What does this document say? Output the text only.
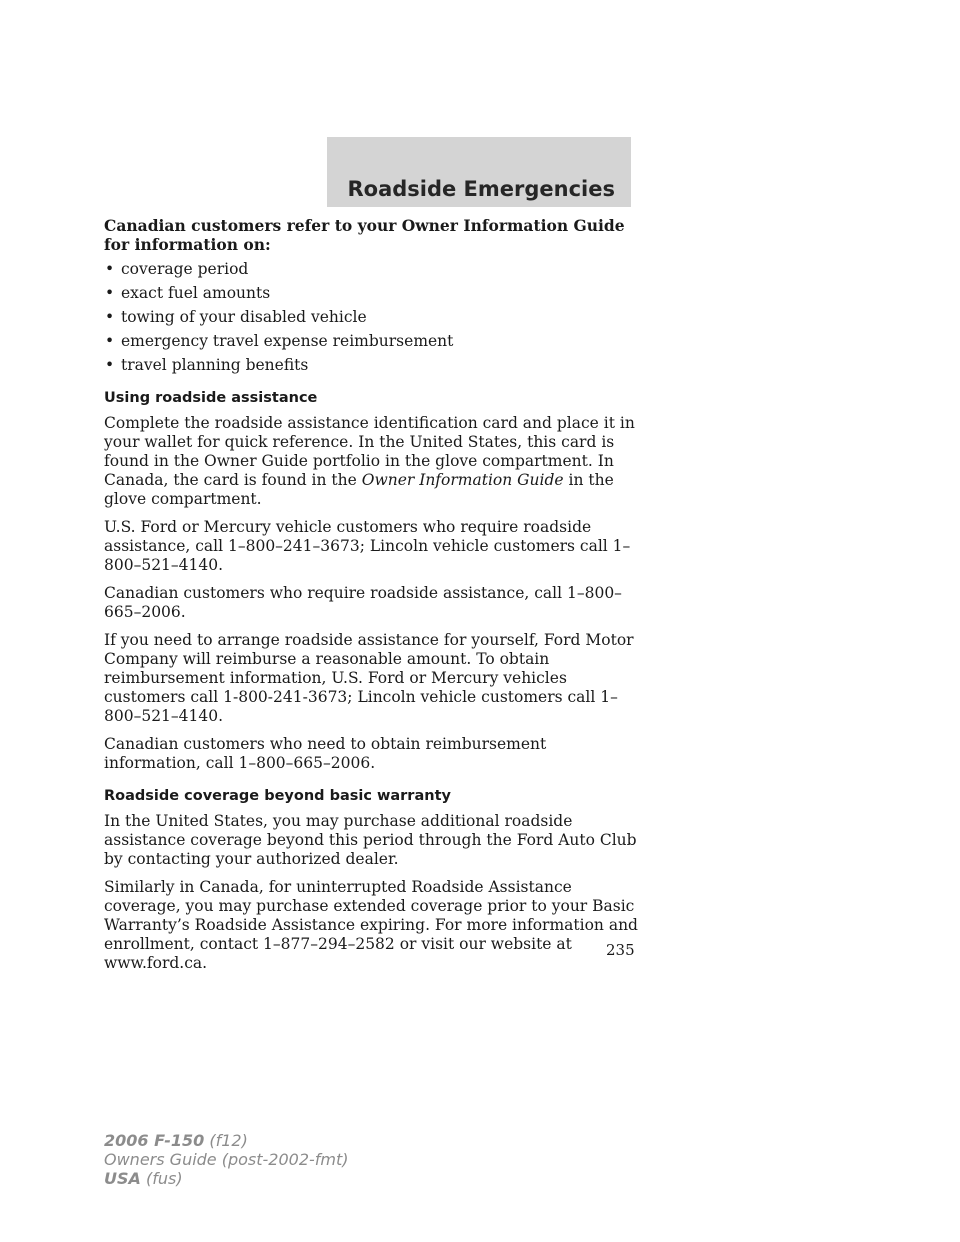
Roadside Emergencies

Canadian customers refer to your Owner Information Guide for information on:

• coverage period
• exact fuel amounts
• towing of your disabled vehicle
• emergency travel expense reimbursement
• travel planning benefits
Using roadside assistance

Complete the roadside assistance identification card and place it in your wallet for quick reference. In the United States, this card is found in the Owner Guide portfolio in the glove compartment. In Canada, the card is found in the Owner Information Guide in the glove compartment.

U.S. Ford or Mercury vehicle customers who require roadside assistance, call 1–800–241–3673; Lincoln vehicle customers call 1–800–521–4140.

Canadian customers who require roadside assistance, call 1–800–665–2006.

If you need to arrange roadside assistance for yourself, Ford Motor Company will reimburse a reasonable amount. To obtain reimbursement information, U.S. Ford or Mercury vehicles customers call 1-800-241-3673; Lincoln vehicle customers call 1–800–521–4140.

Canadian customers who need to obtain reimbursement information, call 1–800–665–2006.

Roadside coverage beyond basic warranty

In the United States, you may purchase additional roadside assistance coverage beyond this period through the Ford Auto Club by contacting your authorized dealer.

Similarly in Canada, for uninterrupted Roadside Assistance coverage, you may purchase extended coverage prior to your Basic Warranty’s Roadside Assistance expiring. For more information and enrollment, contact 1–877–294–2582 or visit our website at www.ford.ca.

235
2006 F-150 (f12)
Owners Guide (post-2002-fmt)
USA (fus)
